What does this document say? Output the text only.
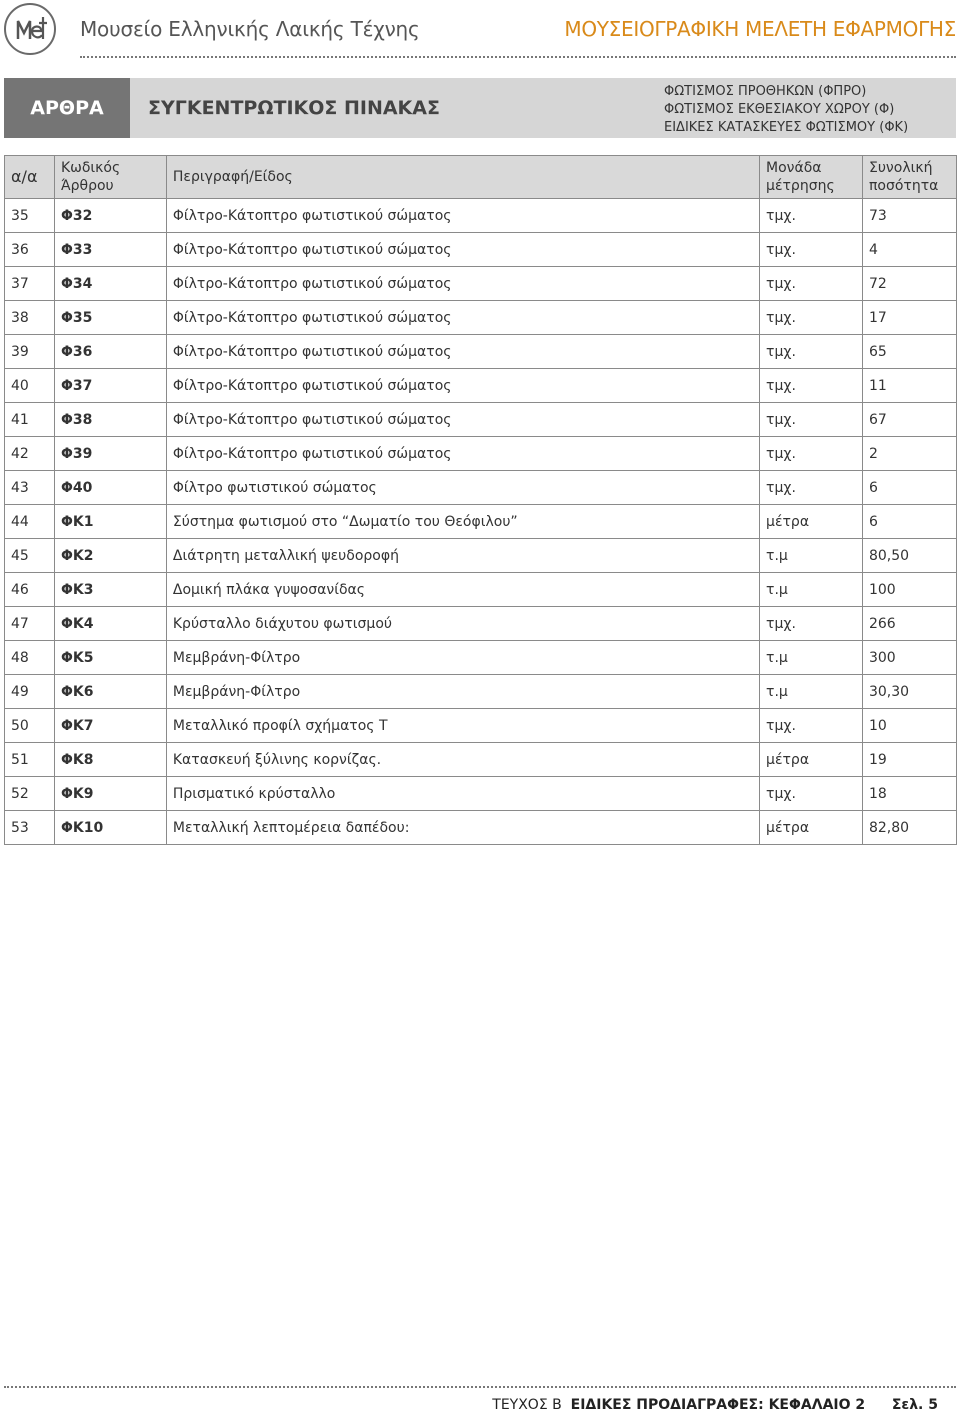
Μουσείο Ελληνικής Λαικής Τέχνης	ΜΟΥΣΕΙΟΓΡΑΦΙΚΗ ΜΕΛΕΤΗ ΕΦΑΡΜΟΓΗΣ
ΑΡΘΡΑ	ΣΥΓΚΕΝΤΡΩΤΙΚΟΣ ΠΙΝΑΚΑΣ
ΦΩΤΙΣΜΟΣ ΠΡΟΘΗΚΩΝ (ΦΠΡΟ)
ΦΩΤΙΣΜΟΣ ΕΚΘΕΣΙΑΚΟΥ ΧΩΡΟΥ (Φ)
ΕΙΔΙΚΕΣ ΚΑΤΑΣΚΕΥΕΣ ΦΩΤΙΣΜΟΥ (ΦΚ)
α/α	Κωδικός Άρθρου	Περιγραφή/Είδος	Μονάδα μέτρησης	Συνολική ποσότητα
35	Φ32	Φίλτρο-Κάτοπτρο φωτιστικού σώματος	τμχ.	73
36	Φ33	Φίλτρο-Κάτοπτρο φωτιστικού σώματος	τμχ.	4
37	Φ34	Φίλτρο-Κάτοπτρο φωτιστικού σώματος	τμχ.	72
38	Φ35	Φίλτρο-Κάτοπτρο φωτιστικού σώματος	τμχ.	17
39	Φ36	Φίλτρο-Κάτοπτρο φωτιστικού σώματος	τμχ.	65
40	Φ37	Φίλτρο-Κάτοπτρο φωτιστικού σώματος	τμχ.	11
41	Φ38	Φίλτρο-Κάτοπτρο φωτιστικού σώματος	τμχ.	67
42	Φ39	Φίλτρο-Κάτοπτρο φωτιστικού σώματος	τμχ.	2
43	Φ40	Φίλτρο φωτιστικού σώματος	τμχ.	6
44	ΦΚ1	Σύστημα φωτισμού στο “Δωματίο του Θεόφιλου”	μέτρα	6
45	ΦΚ2	Διάτρητη μεταλλική ψευδοροφή	τ.μ	80,50
46	ΦΚ3	Δομική πλάκα γυψοσανίδας	τ.μ	100
47	ΦΚ4	Κρύσταλλο διάχυτου φωτισμού	τμχ.	266
48	ΦΚ5	Μεμβράνη-Φίλτρο	τ.μ	300
49	ΦΚ6	Μεμβράνη-Φίλτρο	τ.μ	30,30
50	ΦΚ7	Μεταλλικό προφίλ σχήματος Τ	τμχ.	10
51	ΦΚ8	Κατασκευή ξύλινης κορνίζας.	μέτρα	19
52	ΦΚ9	Πρισματικό κρύσταλλο	τμχ.	18
53	ΦΚ10	Μεταλλική λεπτομέρεια δαπέδου:	μέτρα	82,80
ΤΕΥΧΟΣ Β ΕΙΔΙΚΕΣ ΠΡΟΔΙΑΓΡΑΦΕΣ: ΚΕΦΑΛΑΙΟ 2 Σελ. 5
